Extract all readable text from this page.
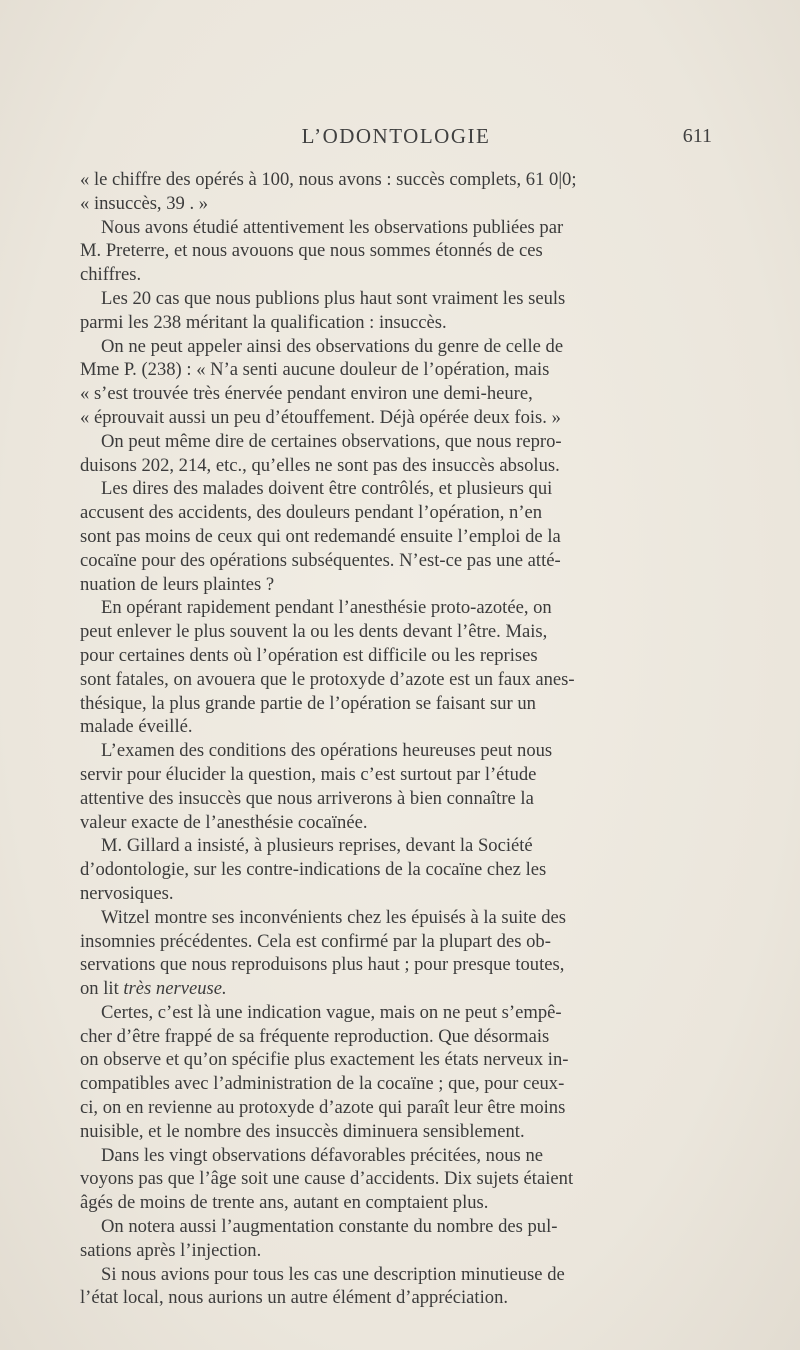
L’ODONTOLOGIE	611
« le chiffre des opérés à 100, nous avons : succès complets, 61 0|0;
« insuccès, 39 . »
Nous avons étudié attentivement les observations publiées par
M. Preterre, et nous avouons que nous sommes étonnés de ces
chiffres.
Les 20 cas que nous publions plus haut sont vraiment les seuls
parmi les 238 méritant la qualification : insuccès.
On ne peut appeler ainsi des observations du genre de celle de
Mme P. (238) : « N’a senti aucune douleur de l’opération, mais
« s’est trouvée très énervée pendant environ une demi-heure,
« éprouvait aussi un peu d’étouffement. Déjà opérée deux fois. »
On peut même dire de certaines observations, que nous repro-
duisons 202, 214, etc., qu’elles ne sont pas des insuccès absolus.
Les dires des malades doivent être contrôlés, et plusieurs qui
accusent des accidents, des douleurs pendant l’opération, n’en
sont pas moins de ceux qui ont redemandé ensuite l’emploi de la
cocaïne pour des opérations subséquentes. N’est-ce pas une atté-
nuation de leurs plaintes ?
En opérant rapidement pendant l’anesthésie proto-azotée, on
peut enlever le plus souvent la ou les dents devant l’être. Mais,
pour certaines dents où l’opération est difficile ou les reprises
sont fatales, on avouera que le protoxyde d’azote est un faux anes-
thésique, la plus grande partie de l’opération se faisant sur un
malade éveillé.
L’examen des conditions des opérations heureuses peut nous
servir pour élucider la question, mais c’est surtout par l’étude
attentive des insuccès que nous arriverons à bien connaître la
valeur exacte de l’anesthésie cocaïnée.
M. Gillard a insisté, à plusieurs reprises, devant la Société
d’odontologie, sur les contre-indications de la cocaïne chez les
nervosiques.
Witzel montre ses inconvénients chez les épuisés à la suite des
insomnies précédentes. Cela est confirmé par la plupart des ob-
servations que nous reproduisons plus haut ; pour presque toutes,
on lit très nerveuse.
Certes, c’est là une indication vague, mais on ne peut s’empê-
cher d’être frappé de sa fréquente reproduction. Que désormais
on observe et qu’on spécifie plus exactement les états nerveux in-
compatibles avec l’administration de la cocaïne ; que, pour ceux-
ci, on en revienne au protoxyde d’azote qui paraît leur être moins
nuisible, et le nombre des insuccès diminuera sensiblement.
Dans les vingt observations défavorables précitées, nous ne
voyons pas que l’âge soit une cause d’accidents. Dix sujets étaient
âgés de moins de trente ans, autant en comptaient plus.
On notera aussi l’augmentation constante du nombre des pul-
sations après l’injection.
Si nous avions pour tous les cas une description minutieuse de
l’état local, nous aurions un autre élément d’appréciation.
